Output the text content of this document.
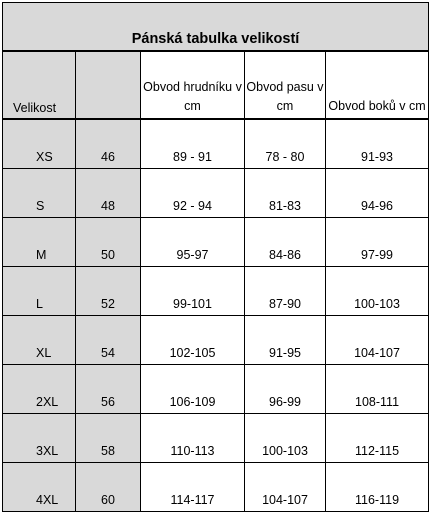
Pánská tabulka velikostí				
Velikost		Obvod hrudníku v cm	Obvod pasu v cm	Obvod boků v cm
XS	46	89 - 91	78 - 80	91-93
S	48	92 - 94	81-83	94-96
M	50	95-97	84-86	97-99
L	52	99-101	87-90	100-103
XL	54	102-105	91-95	104-107
2XL	56	106-109	96-99	108-111
3XL	58	110-113	100-103	112-115
4XL	60	114-117	104-107	116-119
